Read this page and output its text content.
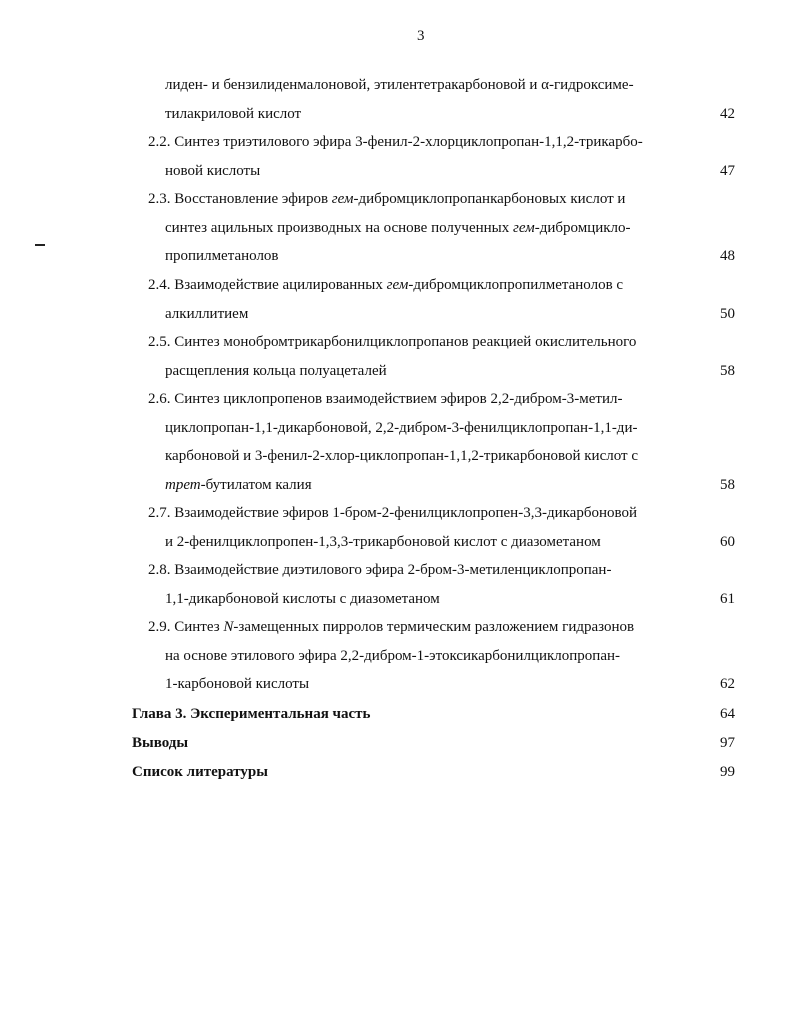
3
лиден- и бензилиденмалоновой, этилентетракарбоновой и α-гидроксиме-
тилакриловой кислот	42
2.2. Синтез триэтилового эфира 3-фенил-2-хлорциклопропан-1,1,2-трикарбо-
новой кислоты	47
2.3. Восстановление эфиров гем-дибромциклопропанкарбоновых кислот и
синтез ацильных производных на основе полученных гем-дибромцикло-
пропилметанолов	48
2.4. Взаимодействие ацилированных гем-дибромциклопропилметанолов с
алкиллитием	50
2.5. Синтез монобромтрикарбонилциклопропанов реакцией окислительного
расщепления кольца полуацеталей	58
2.6. Синтез циклопропенов взаимодействием эфиров 2,2-дибром-3-метил-
циклопропан-1,1-дикарбоновой, 2,2-дибром-3-фенилциклопропан-1,1-ди-
карбоновой и 3-фенил-2-хлор-циклопропан-1,1,2-трикарбоновой кислот с
трет-бутилатом калия	58
2.7. Взаимодействие эфиров 1-бром-2-фенилциклопропен-3,3-дикарбоновой
и 2-фенилциклопропен-1,3,3-трикарбоновой кислот с диазометаном	60
2.8. Взаимодействие диэтилового эфира 2-бром-3-метиленциклопропан-
1,1-дикарбоновой кислоты с диазометаном	61
2.9. Синтез N-замещенных пирролов термическим разложением гидразонов
на основе этилового эфира 2,2-дибром-1-этоксикарбонилциклопропан-
1-карбоновой кислоты	62
Глава 3. Экспериментальная часть	64
Выводы	97
Список литературы	99
